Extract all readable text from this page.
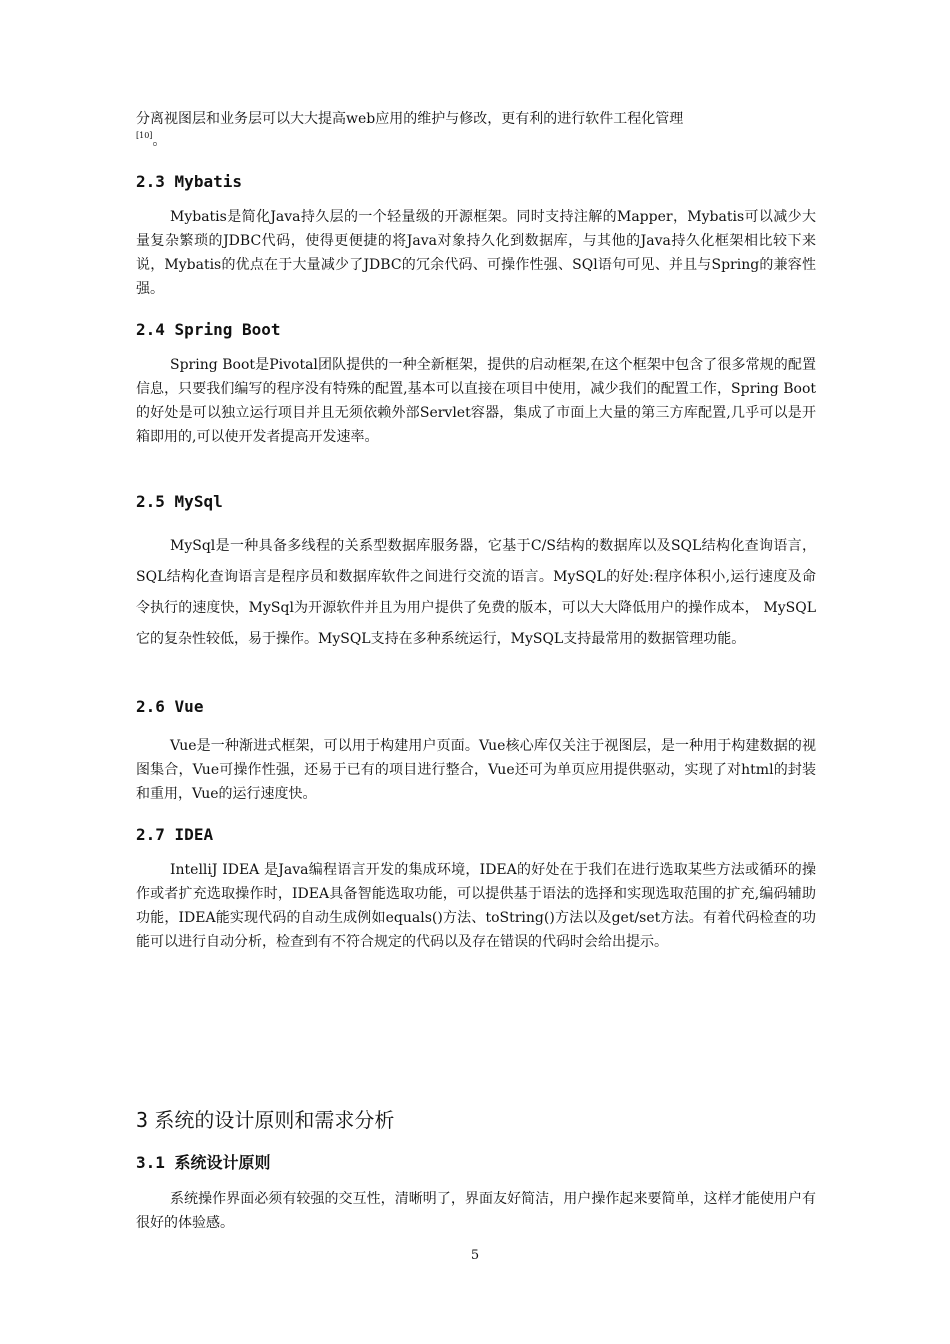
分离视图层和业务层可以大大提高web应用的维护与修改，更有利的进行软件工程化管理

[10]。

2.3 Mybatis

Mybatis是简化Java持久层的一个轻量级的开源框架。同时支持注解的Mapper，Mybatis可以减少大量复杂繁琐的JDBC代码，使得更便捷的将Java对象持久化到数据库，与其他的Java持久化框架相比较下来说，Mybatis的优点在于大量减少了JDBC的冗余代码、可操作性强、SQl语句可见、并且与Spring的兼容性强。

2.4 Spring Boot

Spring Boot是Pivotal团队提供的一种全新框架，提供的启动框架,在这个框架中包含了很多常规的配置信息，只要我们编写的程序没有特殊的配置,基本可以直接在项目中使用，减少我们的配置工作，Spring Boot的好处是可以独立运行项目并且无须依赖外部Servlet容器，集成了市面上大量的第三方库配置,几乎可以是开箱即用的,可以使开发者提高开发速率。

2.5 MySql

MySql是一种具备多线程的关系型数据库服务器，它基于C/S结构的数据库以及SQL结构化查询语言，SQL结构化查询语言是程序员和数据库软件之间进行交流的语言。MySQL的好处:程序体积小,运行速度及命令执行的速度快，MySql为开源软件并且为用户提供了免费的版本，可以大大降低用户的操作成本， MySQL它的复杂性较低，易于操作。MySQL支持在多种系统运行，MySQL支持最常用的数据管理功能。

2.6 Vue

Vue是一种渐进式框架，可以用于构建用户页面。Vue核心库仅关注于视图层，是一种用于构建数据的视图集合，Vue可操作性强，还易于已有的项目进行整合，Vue还可为单页应用提供驱动，实现了对html的封装和重用，Vue的运行速度快。

2.7 IDEA

IntelliJ IDEA 是Java编程语言开发的集成环境，IDEA的好处在于我们在进行选取某些方法或循环的操作或者扩充选取操作时，IDEA具备智能选取功能，可以提供基于语法的选择和实现选取范围的扩充,编码辅助功能，IDEA能实现代码的自动生成例如equals()方法、toString()方法以及get/set方法。有着代码检查的功能可以进行自动分析，检查到有不符合规定的代码以及存在错误的代码时会给出提示。

3 系统的设计原则和需求分析
3.1 系统设计原则

系统操作界面必须有较强的交互性，清晰明了，界面友好简洁，用户操作起来要简单，这样才能使用户有很好的体验感。

5
